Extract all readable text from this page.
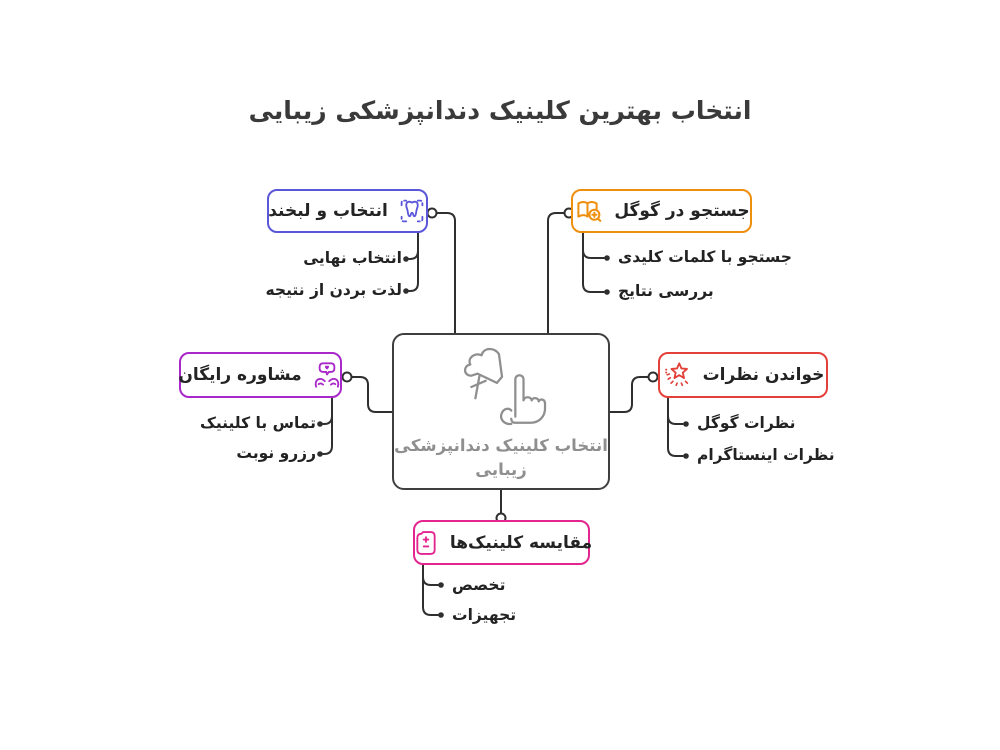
انتخاب بهترین کلینیک دندانپزشکی زیبایی
انتخاب و لبخند
انتخاب نهایی
لذت بردن از نتیجه
جستجو در گوگل
جستجو با کلمات کلیدی
بررسی نتایج
مشاوره رایگان
تماس با کلینیک
رزرو نوبت
خواندن نظرات
نظرات گوگل
نظرات اینستاگرام
مقایسه کلینیک‌ها
تخصص
تجهیزات
انتخاب کلینیک دندانپزشکی
زیبایی
